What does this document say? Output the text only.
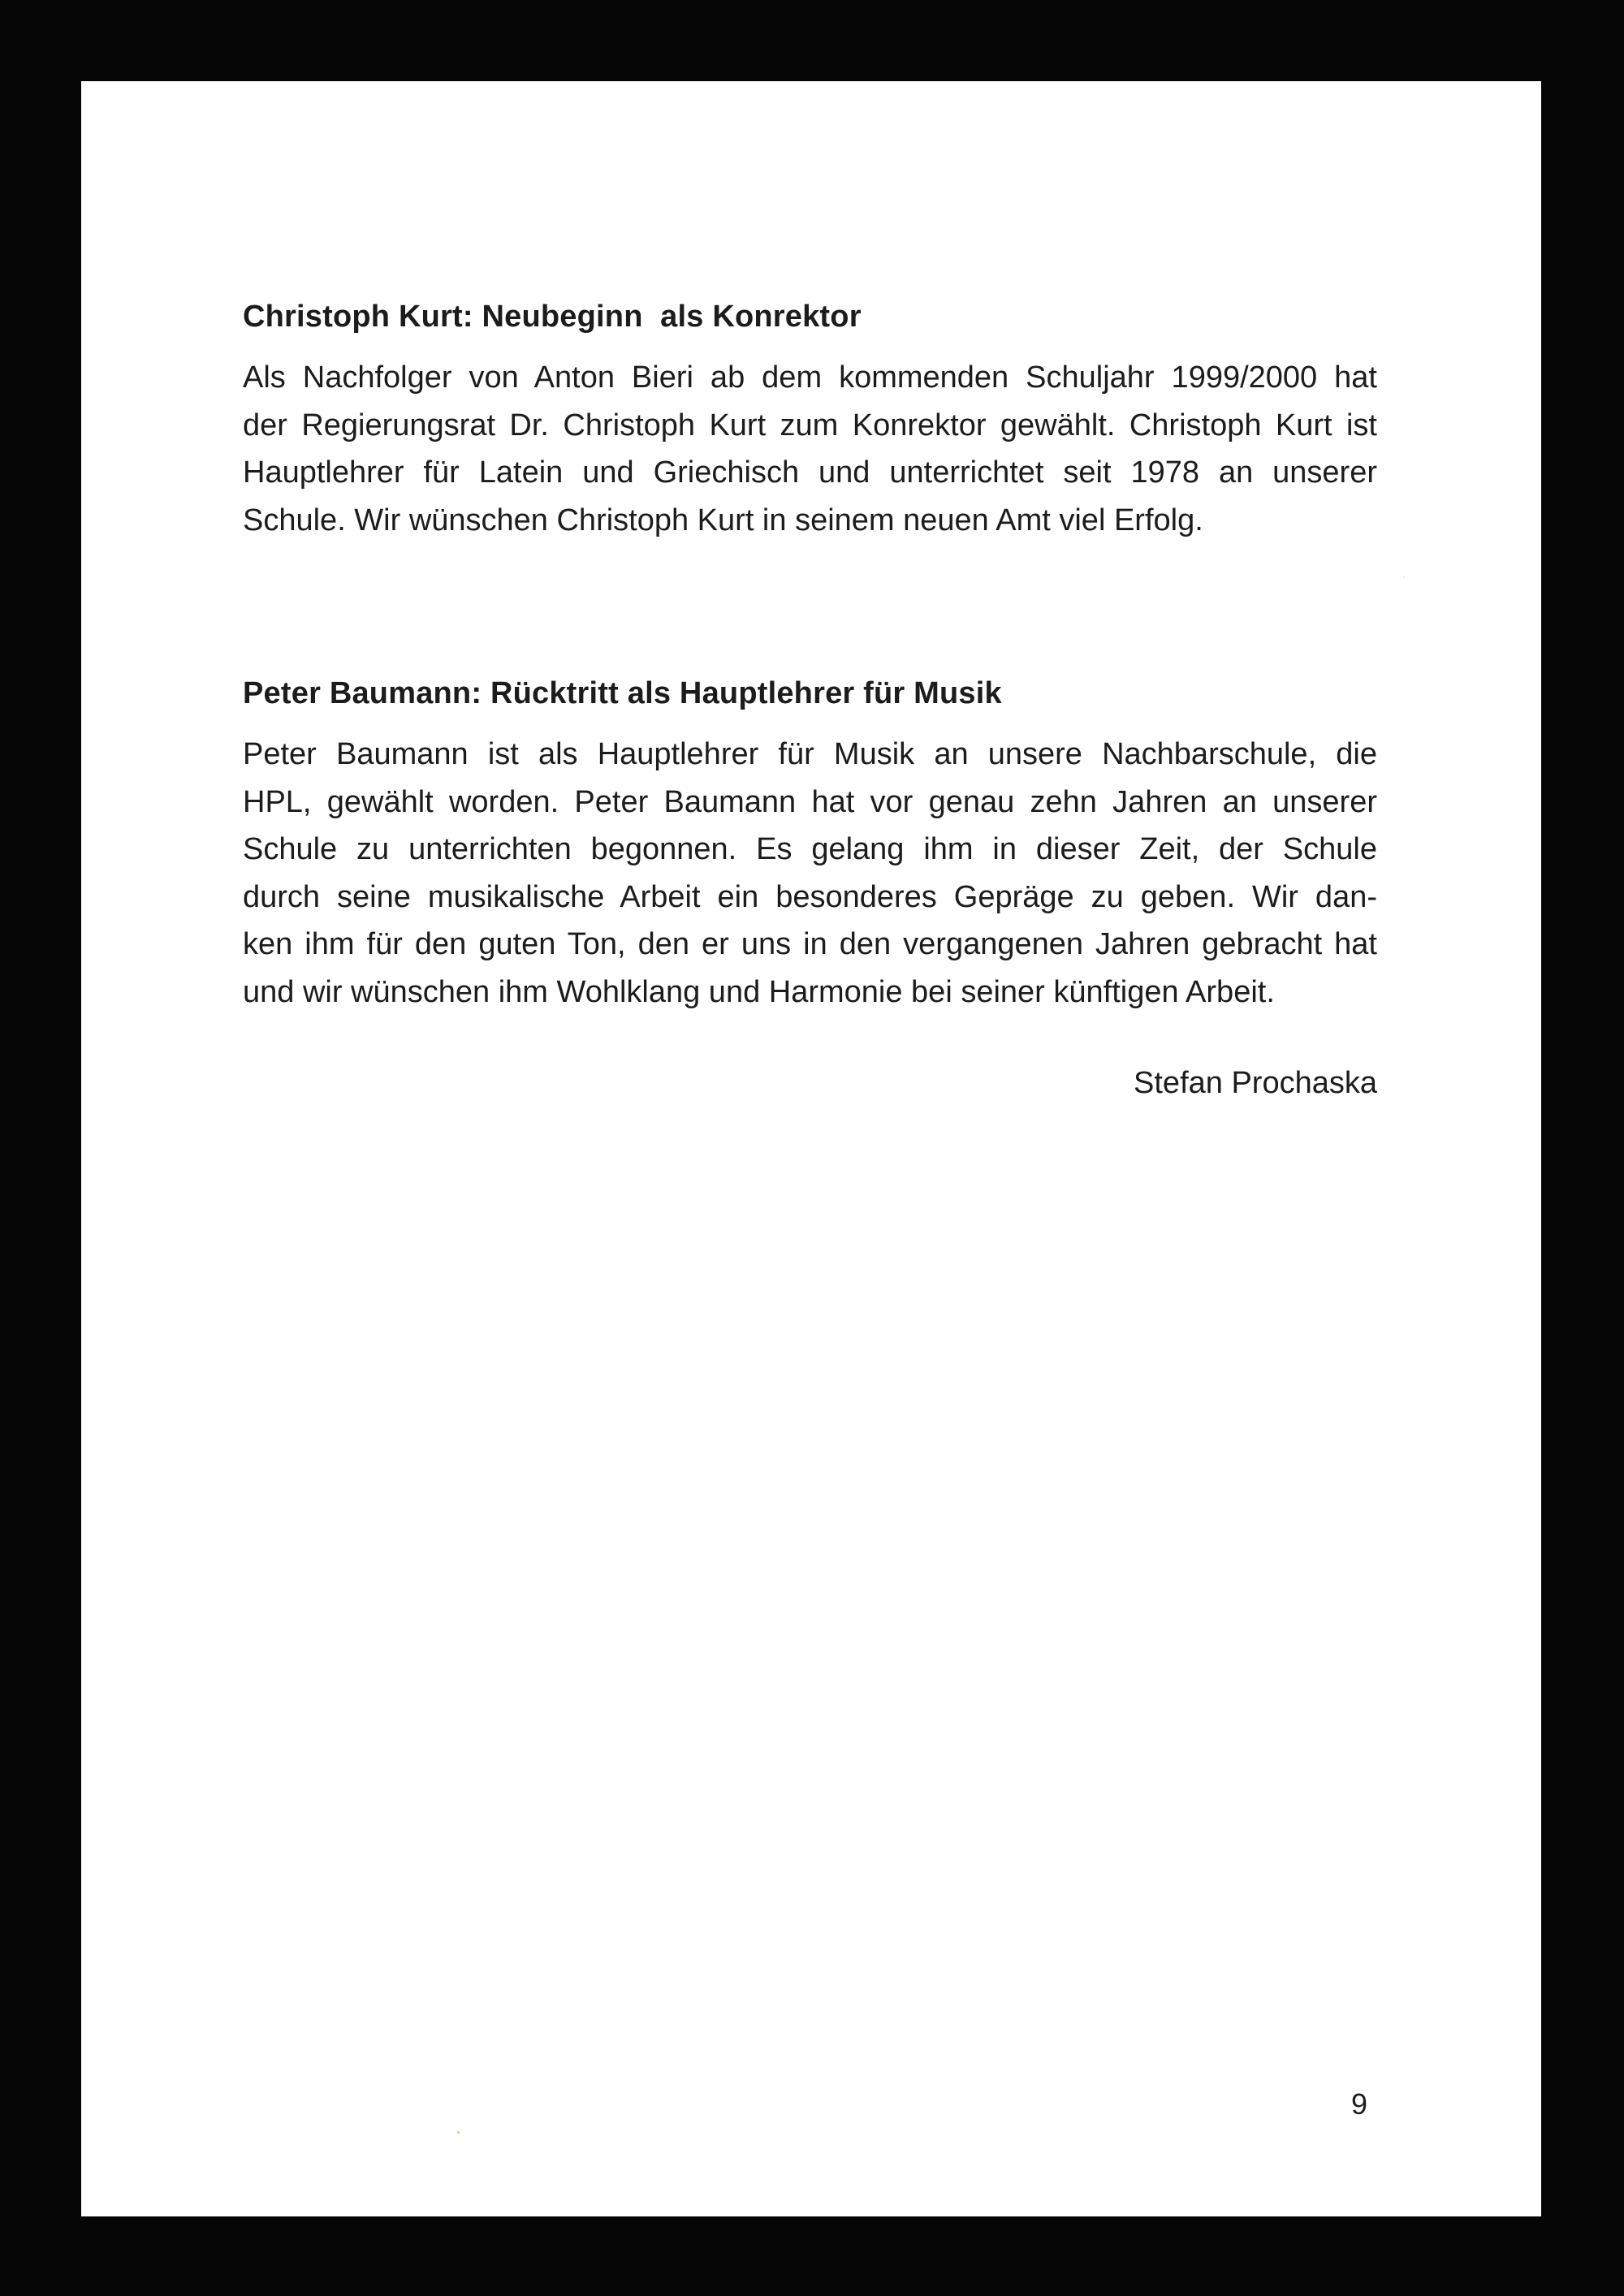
Christoph Kurt: Neubeginn  als Konrektor

Als Nachfolger von Anton Bieri ab dem kommenden Schuljahr 1999/2000 hat
der Regierungsrat Dr. Christoph Kurt zum Konrektor gewählt. Christoph Kurt ist
Hauptlehrer für Latein und Griechisch und unterrichtet seit 1978 an unserer
Schule. Wir wünschen Christoph Kurt in seinem neuen Amt viel Erfolg.

Peter Baumann: Rücktritt als Hauptlehrer für Musik

Peter Baumann ist als Hauptlehrer für Musik an unsere Nachbarschule, die
HPL, gewählt worden. Peter Baumann hat vor genau zehn Jahren an unserer
Schule zu unterrichten begonnen. Es gelang ihm in dieser Zeit, der Schule
durch seine musikalische Arbeit ein besonderes Gepräge zu geben. Wir dan-
ken ihm für den guten Ton, den er uns in den vergangenen Jahren gebracht hat
und wir wünschen ihm Wohlklang und Harmonie bei seiner künftigen Arbeit.

Stefan Prochaska
9
